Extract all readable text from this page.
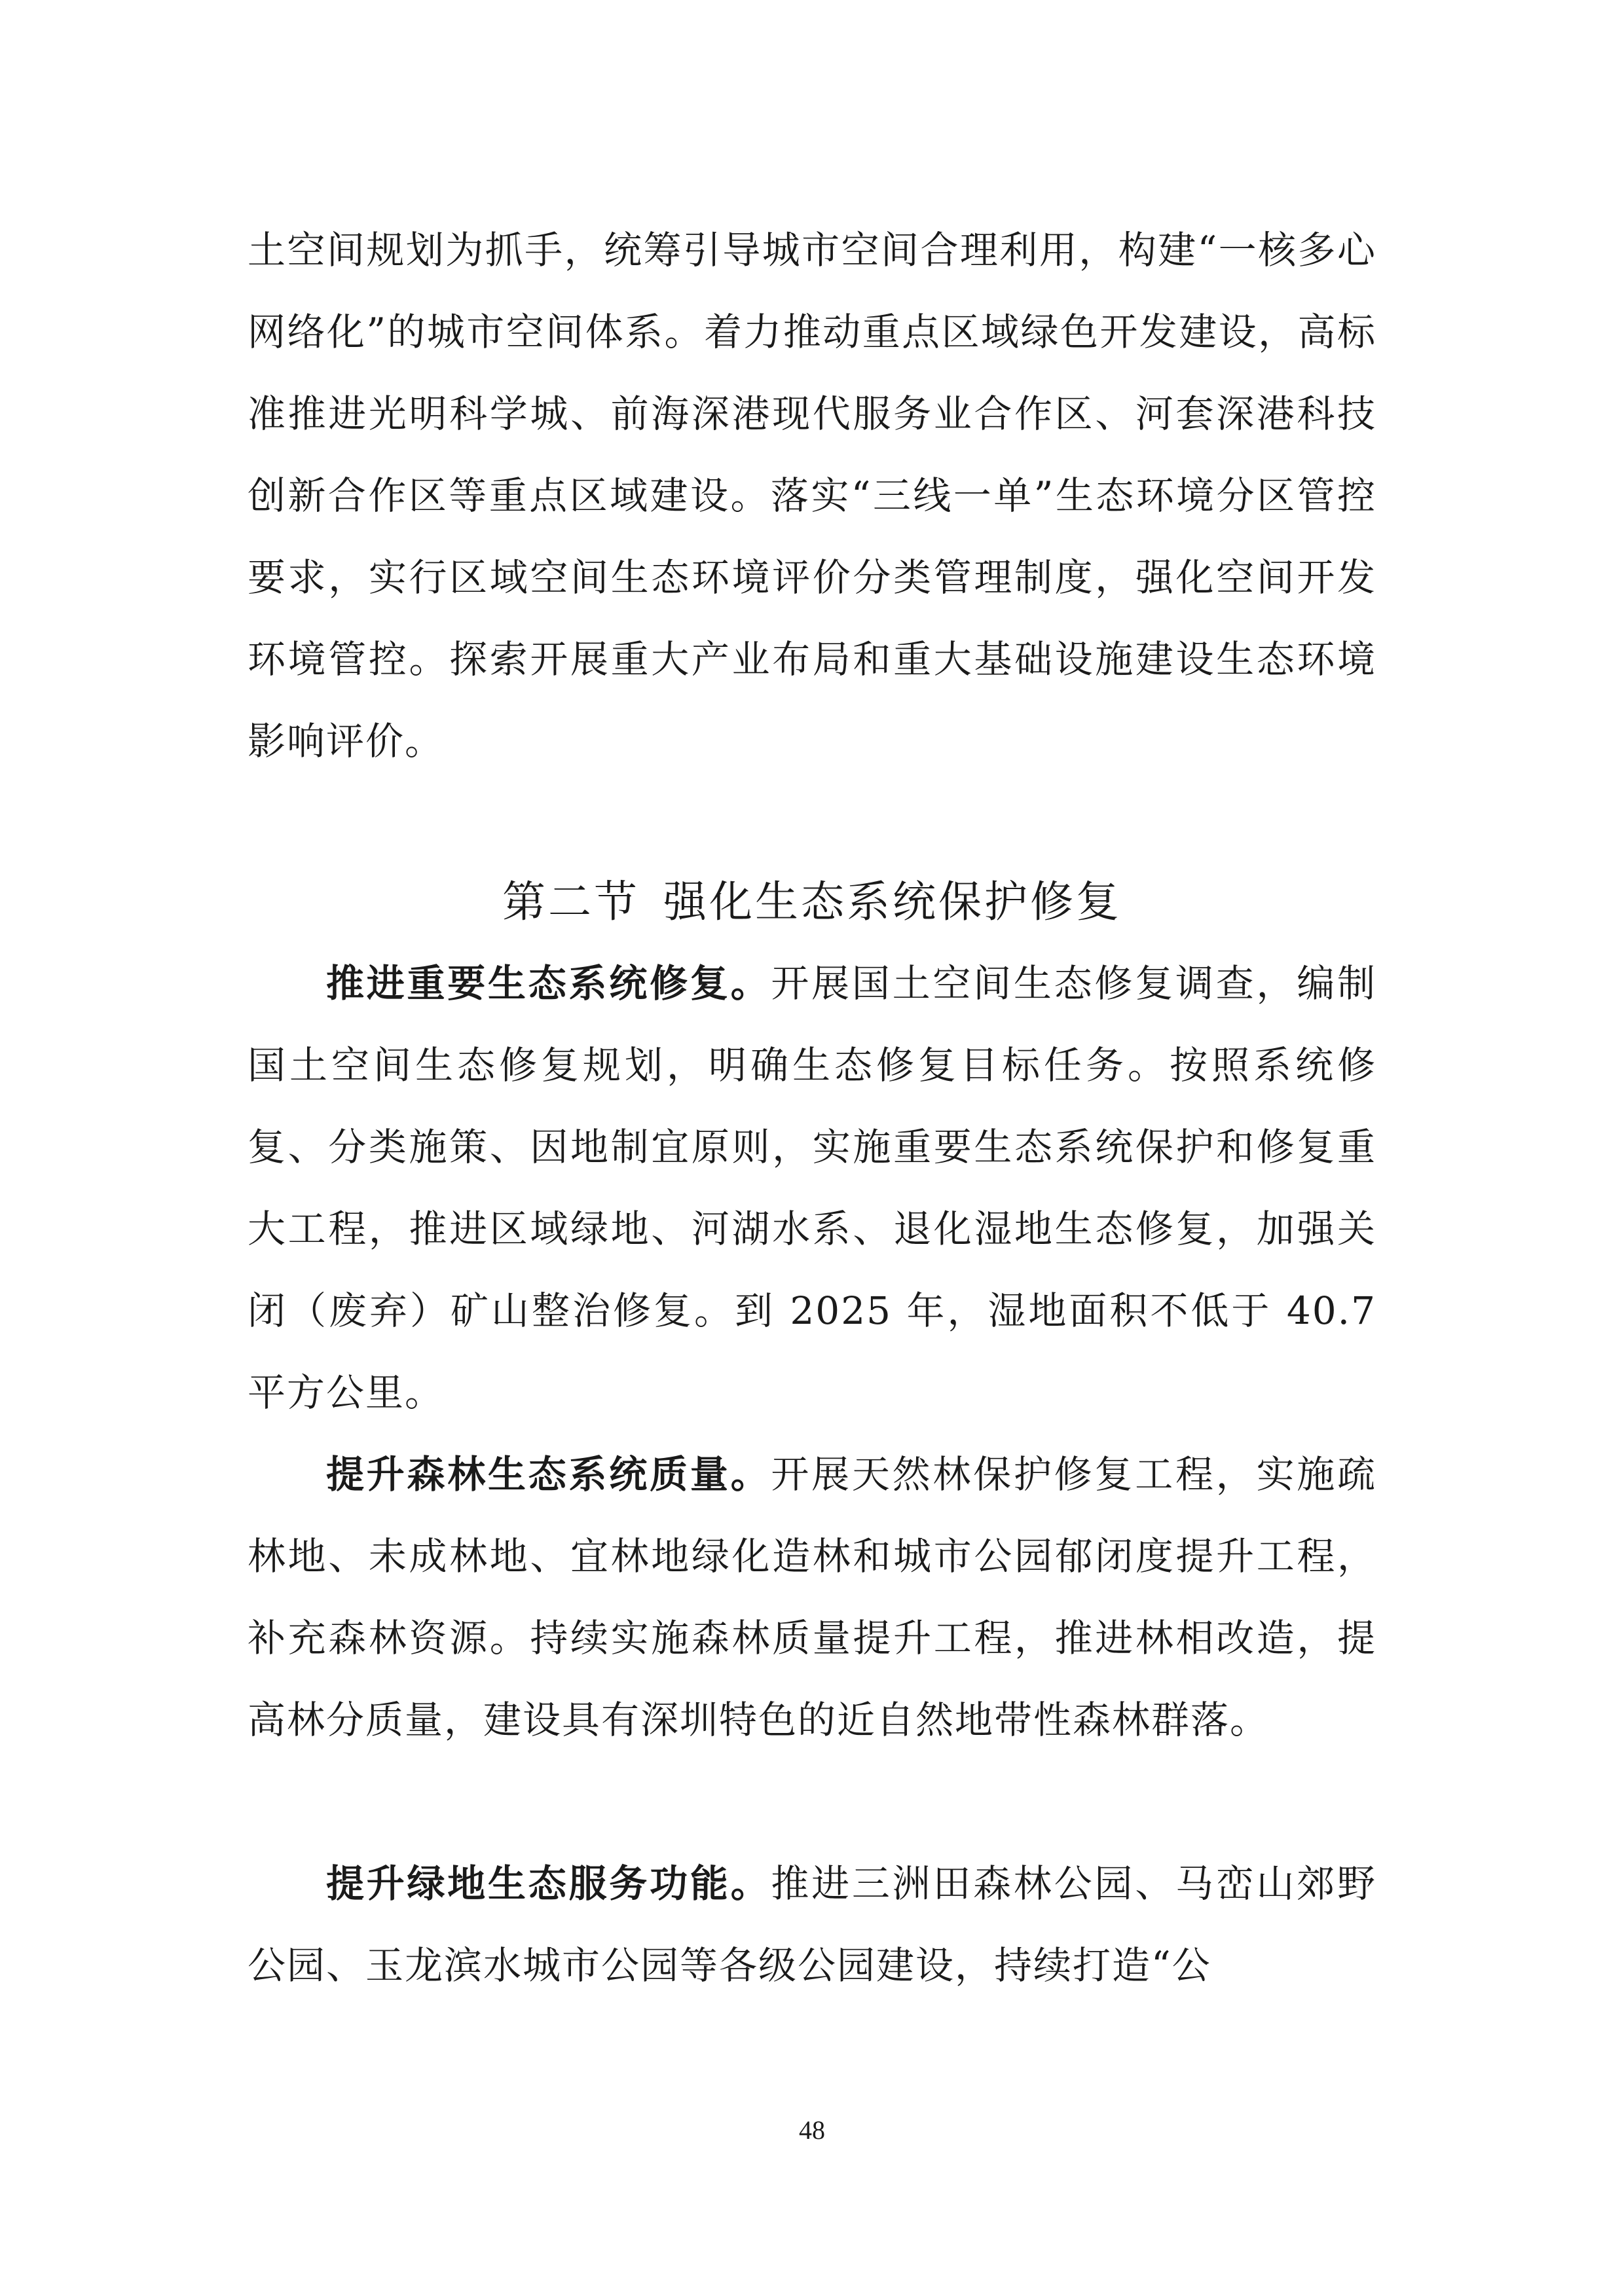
土空间规划为抓手，统筹引导城市空间合理利用，构建“一核多心网络化”的城市空间体系。着力推动重点区域绿色开发建设，高标准推进光明科学城、前海深港现代服务业合作区、河套深港科技创新合作区等重点区域建设。落实“三线一单”生态环境分区管控要求，实行区域空间生态环境评价分类管理制度，强化空间开发环境管控。探索开展重大产业布局和重大基础设施建设生态环境影响评价。
第二节 强化生态系统保护修复
推进重要生态系统修复。开展国土空间生态修复调查，编制国土空间生态修复规划，明确生态修复目标任务。按照系统修复、分类施策、因地制宜原则，实施重要生态系统保护和修复重大工程，推进区域绿地、河湖水系、退化湿地生态修复，加强关闭（废弃）矿山整治修复。到 2025 年，湿地面积不低于 40.7 平方公里。
提升森林生态系统质量。开展天然林保护修复工程，实施疏林地、未成林地、宜林地绿化造林和城市公园郁闭度提升工程，补充森林资源。持续实施森林质量提升工程，推进林相改造，提高林分质量，建设具有深圳特色的近自然地带性森林群落。
提升绿地生态服务功能。推进三洲田森林公园、马峦山郊野公园、玉龙滨水城市公园等各级公园建设，持续打造“公
48
